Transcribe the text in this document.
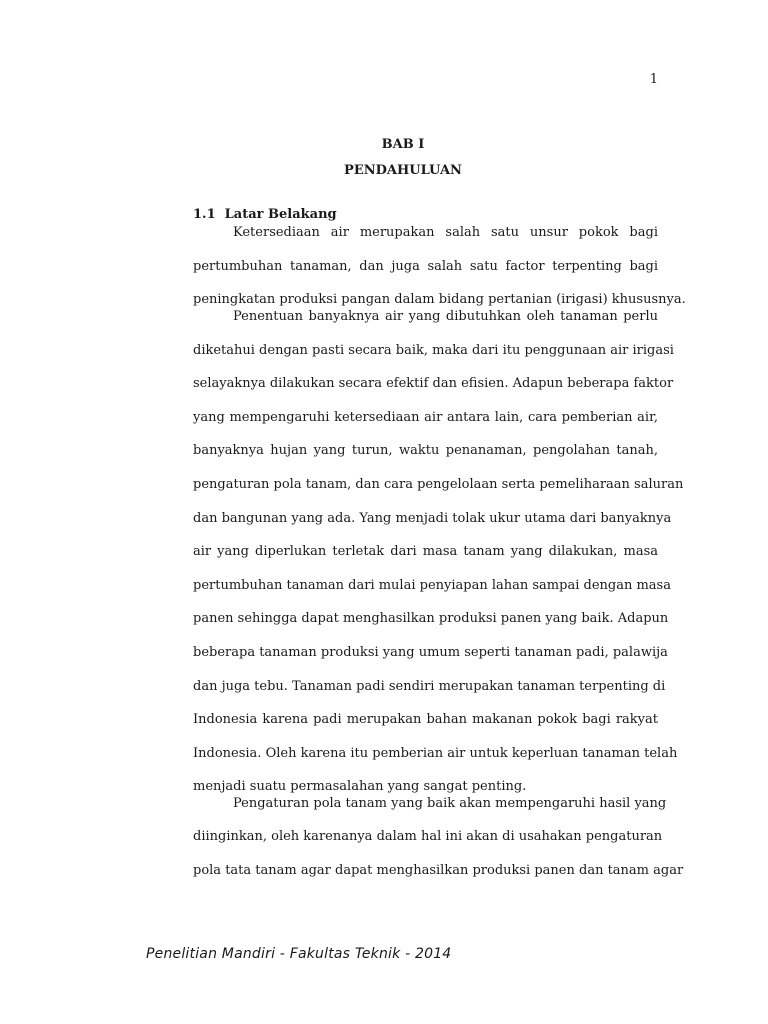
1
BAB I
PENDAHULUAN
1.1  Latar Belakang
Ketersediaan air merupakan salah satu unsur pokok bagi
pertumbuhan tanaman, dan juga salah satu factor terpenting bagi
peningkatan produksi pangan dalam bidang pertanian (irigasi) khususnya.
Penentuan banyaknya air yang dibutuhkan oleh tanaman perlu
diketahui dengan pasti secara baik, maka dari itu penggunaan air irigasi
selayaknya dilakukan secara efektif dan efisien. Adapun beberapa faktor
yang mempengaruhi ketersediaan air antara lain, cara pemberian air,
banyaknya hujan yang turun, waktu penanaman, pengolahan tanah,
pengaturan pola tanam, dan cara pengelolaan serta pemeliharaan saluran
dan bangunan yang ada. Yang menjadi tolak ukur utama dari banyaknya
air yang diperlukan terletak dari masa tanam yang dilakukan, masa
pertumbuhan tanaman dari mulai penyiapan lahan sampai dengan masa
panen sehingga dapat menghasilkan produksi panen yang baik. Adapun
beberapa tanaman produksi yang umum seperti tanaman padi, palawija
dan juga tebu. Tanaman padi sendiri merupakan tanaman terpenting di
Indonesia karena padi merupakan bahan makanan pokok bagi rakyat
Indonesia. Oleh karena itu pemberian air untuk keperluan tanaman telah
menjadi suatu permasalahan yang sangat penting.
Pengaturan pola tanam yang baik akan mempengaruhi hasil yang
diinginkan, oleh karenanya dalam hal ini akan di usahakan pengaturan
pola tata tanam agar dapat menghasilkan produksi panen dan tanam agar
Penelitian Mandiri - Fakultas Teknik - 2014
